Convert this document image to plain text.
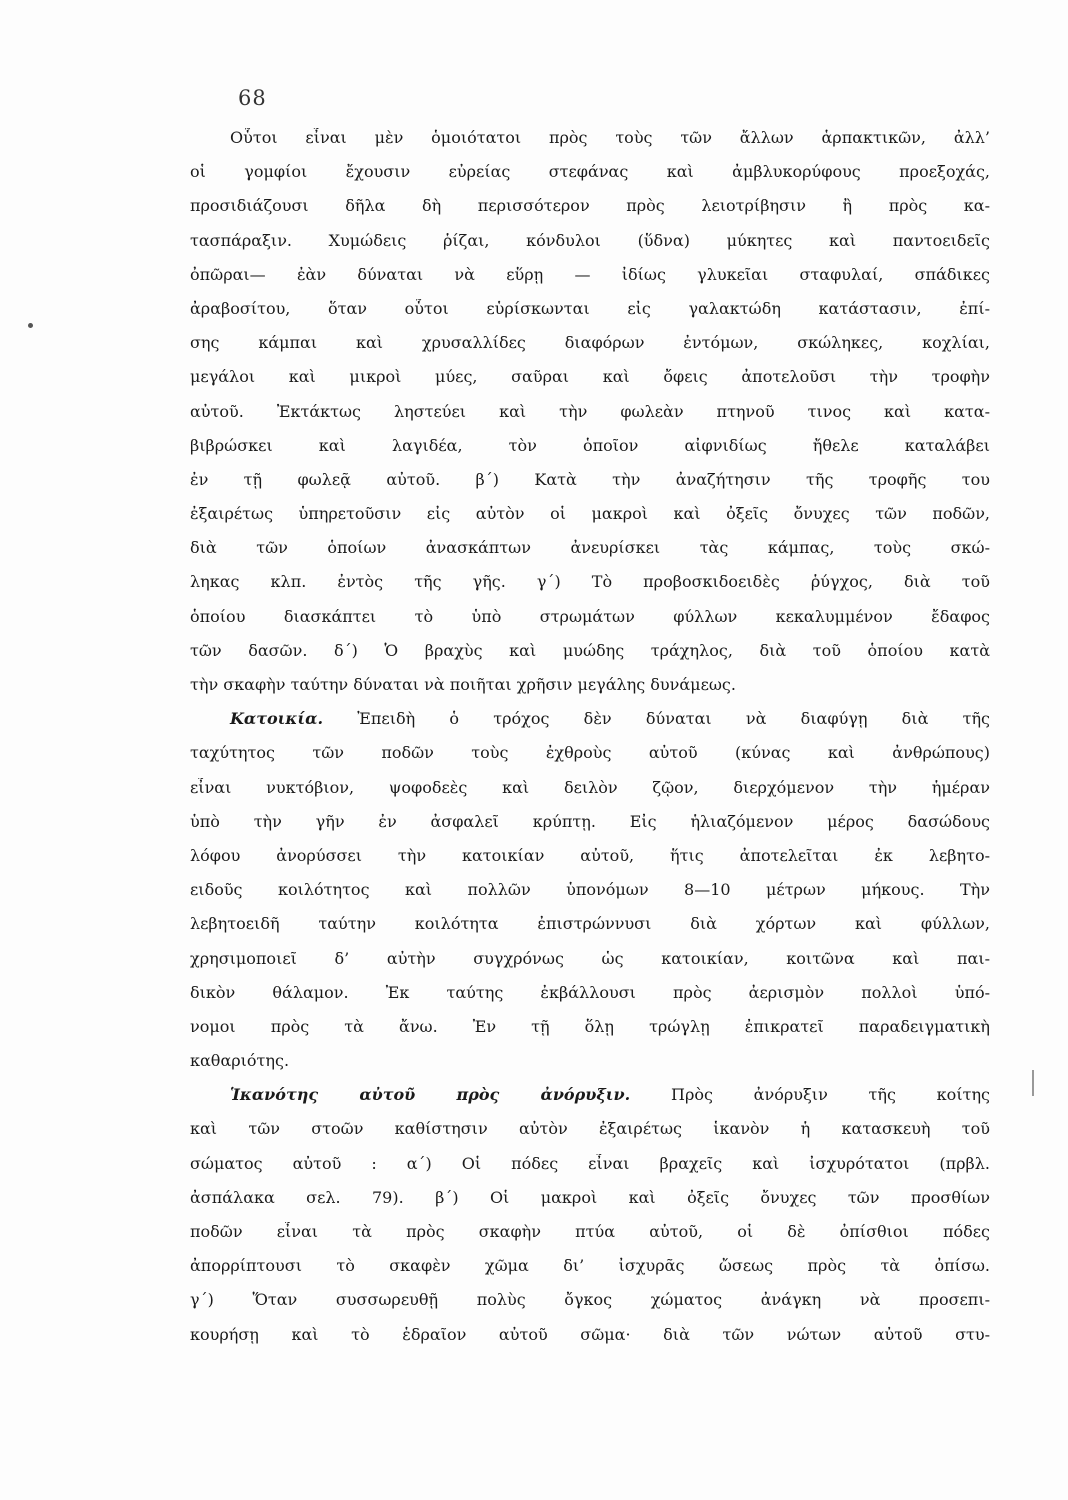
68
Οὗτοι εἶναι μὲν ὁμοιότατοι πρὸς τοὺς τῶν ἄλλων ἁρπακτικῶν, ἀλλ’
οἱ γομφίοι ἔχουσιν εὐρείας στεφάνας καὶ ἀμβλυκορύφους προεξοχάς,
προσιδιάζουσι δῆλα δὴ περισσότερον πρὸς λειοτρίβησιν ἢ πρὸς κα-
τασπάραξιν. Χυμώδεις ῥίζαι, κόνδυλοι (ὕδνα) μύκητες καὶ παντοειδεῖς
ὀπῶραι— ἐὰν δύναται νὰ εὕρῃ — ἰδίως γλυκεῖαι σταφυλαί, σπάδικες
ἀραβοσίτου, ὅταν οὗτοι εὑρίσκωνται εἰς γαλακτώδη κατάστασιν, ἐπί-
σης κάμπαι καὶ χρυσαλλίδες διαφόρων ἐντόμων, σκώληκες, κοχλίαι,
μεγάλοι καὶ μικροὶ μύες, σαῦραι καὶ ὄφεις ἀποτελοῦσι τὴν τροφὴν
αὐτοῦ. Ἐκτάκτως ληστεύει καὶ τὴν φωλεὰν πτηνοῦ τινος καὶ κατα-
βιβρώσκει καὶ λαγιδέα, τὸν ὁποῖον αἰφνιδίως ἤθελε καταλάβει
ἐν τῇ φωλεᾷ αὐτοῦ. β΄) Κατὰ τὴν ἀναζήτησιν τῆς τροφῆς του
ἐξαιρέτως ὑπηρετοῦσιν εἰς αὐτὸν οἱ μακροὶ καὶ ὀξεῖς ὄνυχες τῶν ποδῶν,
διὰ τῶν ὁποίων ἀνασκάπτων ἀνευρίσκει τὰς κάμπας, τοὺς σκώ-
ληκας κλπ. ἐντὸς τῆς γῆς. γ΄) Τὸ προβοσκιδοειδὲς ῥύγχος, διὰ τοῦ
ὁποίου διασκάπτει τὸ ὑπὸ στρωμάτων φύλλων κεκαλυμμένον ἔδαφος
τῶν δασῶν. δ΄) Ὁ βραχὺς καὶ μυώδης τράχηλος, διὰ τοῦ ὁποίου κατὰ
τὴν σκαφὴν ταύτην δύναται νὰ ποιῆται χρῆσιν μεγάλης δυνάμεως.
Κατοικία. Ἐπειδὴ ὁ τρόχος δὲν δύναται νὰ διαφύγῃ διὰ τῆς
ταχύτητος τῶν ποδῶν τοὺς ἐχθροὺς αὐτοῦ (κύνας καὶ ἀνθρώπους)
εἶναι νυκτόβιον, ψοφοδεὲς καὶ δειλὸν ζῷον, διερχόμενον τὴν ἡμέραν
ὑπὸ τὴν γῆν ἐν ἀσφαλεῖ κρύπτῃ. Εἰς ἡλιαζόμενον μέρος δασώδους
λόφου ἀνορύσσει τὴν κατοικίαν αὐτοῦ, ἥτις ἀποτελεῖται ἐκ λεβητο-
ειδοῦς κοιλότητος καὶ πολλῶν ὑπονόμων 8—10 μέτρων μήκους. Τὴν
λεβητοειδῆ ταύτην κοιλότητα ἐπιστρώννυσι διὰ χόρτων καὶ φύλλων,
χρησιμοποιεῖ δ’ αὐτὴν συγχρόνως ὡς κατοικίαν, κοιτῶνα καὶ παι-
δικὸν θάλαμον. Ἐκ ταύτης ἐκβάλλουσι πρὸς ἀερισμὸν πολλοὶ ὑπό-
νομοι πρὸς τὰ ἄνω. Ἐν τῇ ὅλῃ τρώγλῃ ἐπικρατεῖ παραδειγματικὴ
καθαριότης.
Ἱκανότης αὐτοῦ πρὸς ἀνόρυξιν.	Πρὸς ἀνόρυξιν τῆς κοίτης
καὶ τῶν στοῶν καθίστησιν αὐτὸν ἐξαιρέτως ἱκανὸν ἡ κατασκευὴ τοῦ
σώματος αὐτοῦ : α΄) Οἱ πόδες εἶναι βραχεῖς καὶ ἰσχυρότατοι (πρβλ.
ἀσπάλακα σελ. 79). β΄) Οἱ μακροὶ καὶ ὀξεῖς ὄνυχες τῶν προσθίων
ποδῶν εἶναι τὰ πρὸς σκαφὴν πτύα αὐτοῦ, οἱ δὲ ὀπίσθιοι πόδες
ἀπορρίπτουσι τὸ σκαφὲν χῶμα δι’ ἰσχυρᾶς ὤσεως πρὸς τὰ ὀπίσω.
γ΄) Ὅταν συσσωρευθῇ πολὺς ὄγκος χώματος ἀνάγκη νὰ προσεπι-
κουρήσῃ καὶ τὸ ἑδραῖον αὐτοῦ σῶμα· διὰ τῶν νώτων αὐτοῦ στυ-
